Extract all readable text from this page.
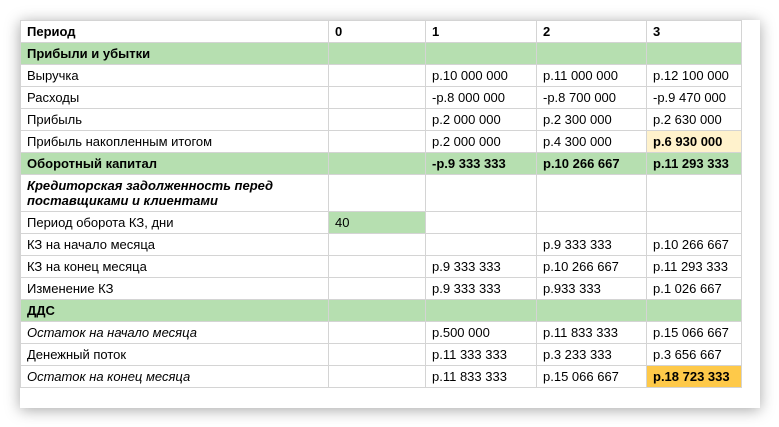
Период	0	1	2	3
Прибыли и убытки				
Выручка		р.10 000 000	р.11 000 000	р.12 100 000
Расходы		-р.8 000 000	-р.8 700 000	-р.9 470 000
Прибыль		р.2 000 000	р.2 300 000	р.2 630 000
Прибыль накопленным итогом		р.2 000 000	р.4 300 000	р.6 930 000
Оборотный капитал		-р.9 333 333	р.10 266 667	р.11 293 333
Кредиторская задолженность перед поставщиками и клиентами				
Период оборота КЗ, дни	40			
КЗ на начало месяца			р.9 333 333	р.10 266 667
КЗ на конец месяца		р.9 333 333	р.10 266 667	р.11 293 333
Изменение КЗ		р.9 333 333	р.933 333	р.1 026 667
ДДС				
Остаток на начало месяца		р.500 000	р.11 833 333	р.15 066 667
Денежный поток		р.11 333 333	р.3 233 333	р.3 656 667
Остаток на конец месяца		р.11 833 333	р.15 066 667	р.18 723 333
